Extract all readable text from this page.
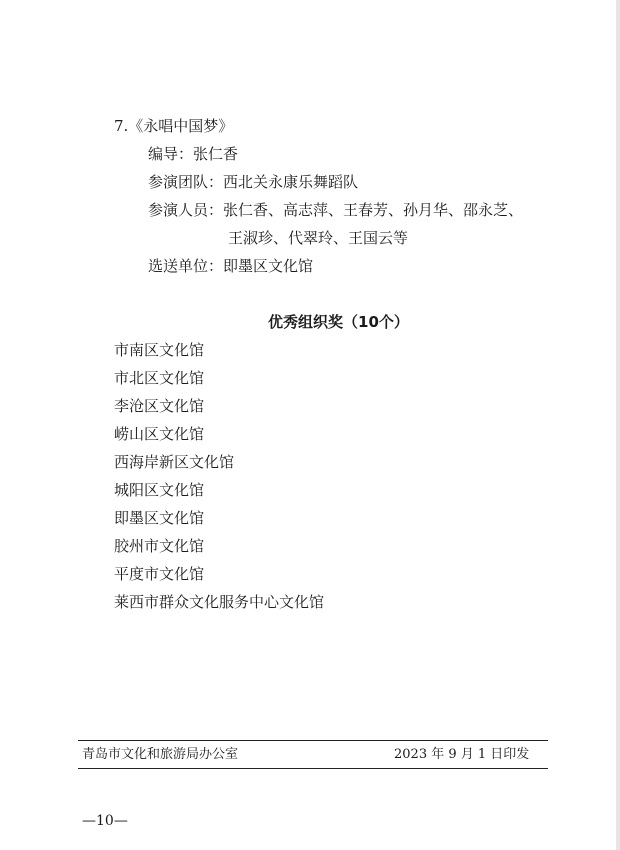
7.《永唱中国梦》
编导：张仁香
参演团队：西北关永康乐舞蹈队
参演人员：张仁香、高志萍、王春芳、孙月华、邵永芝、
王淑珍、代翠玲、王国云等
选送单位：即墨区文化馆
优秀组织奖（10个）
市南区文化馆
市北区文化馆
李沧区文化馆
崂山区文化馆
西海岸新区文化馆
城阳区文化馆
即墨区文化馆
胶州市文化馆
平度市文化馆
莱西市群众文化服务中心文化馆
青岛市文化和旅游局办公室	2023 年 9 月 1 日印发
—10—
